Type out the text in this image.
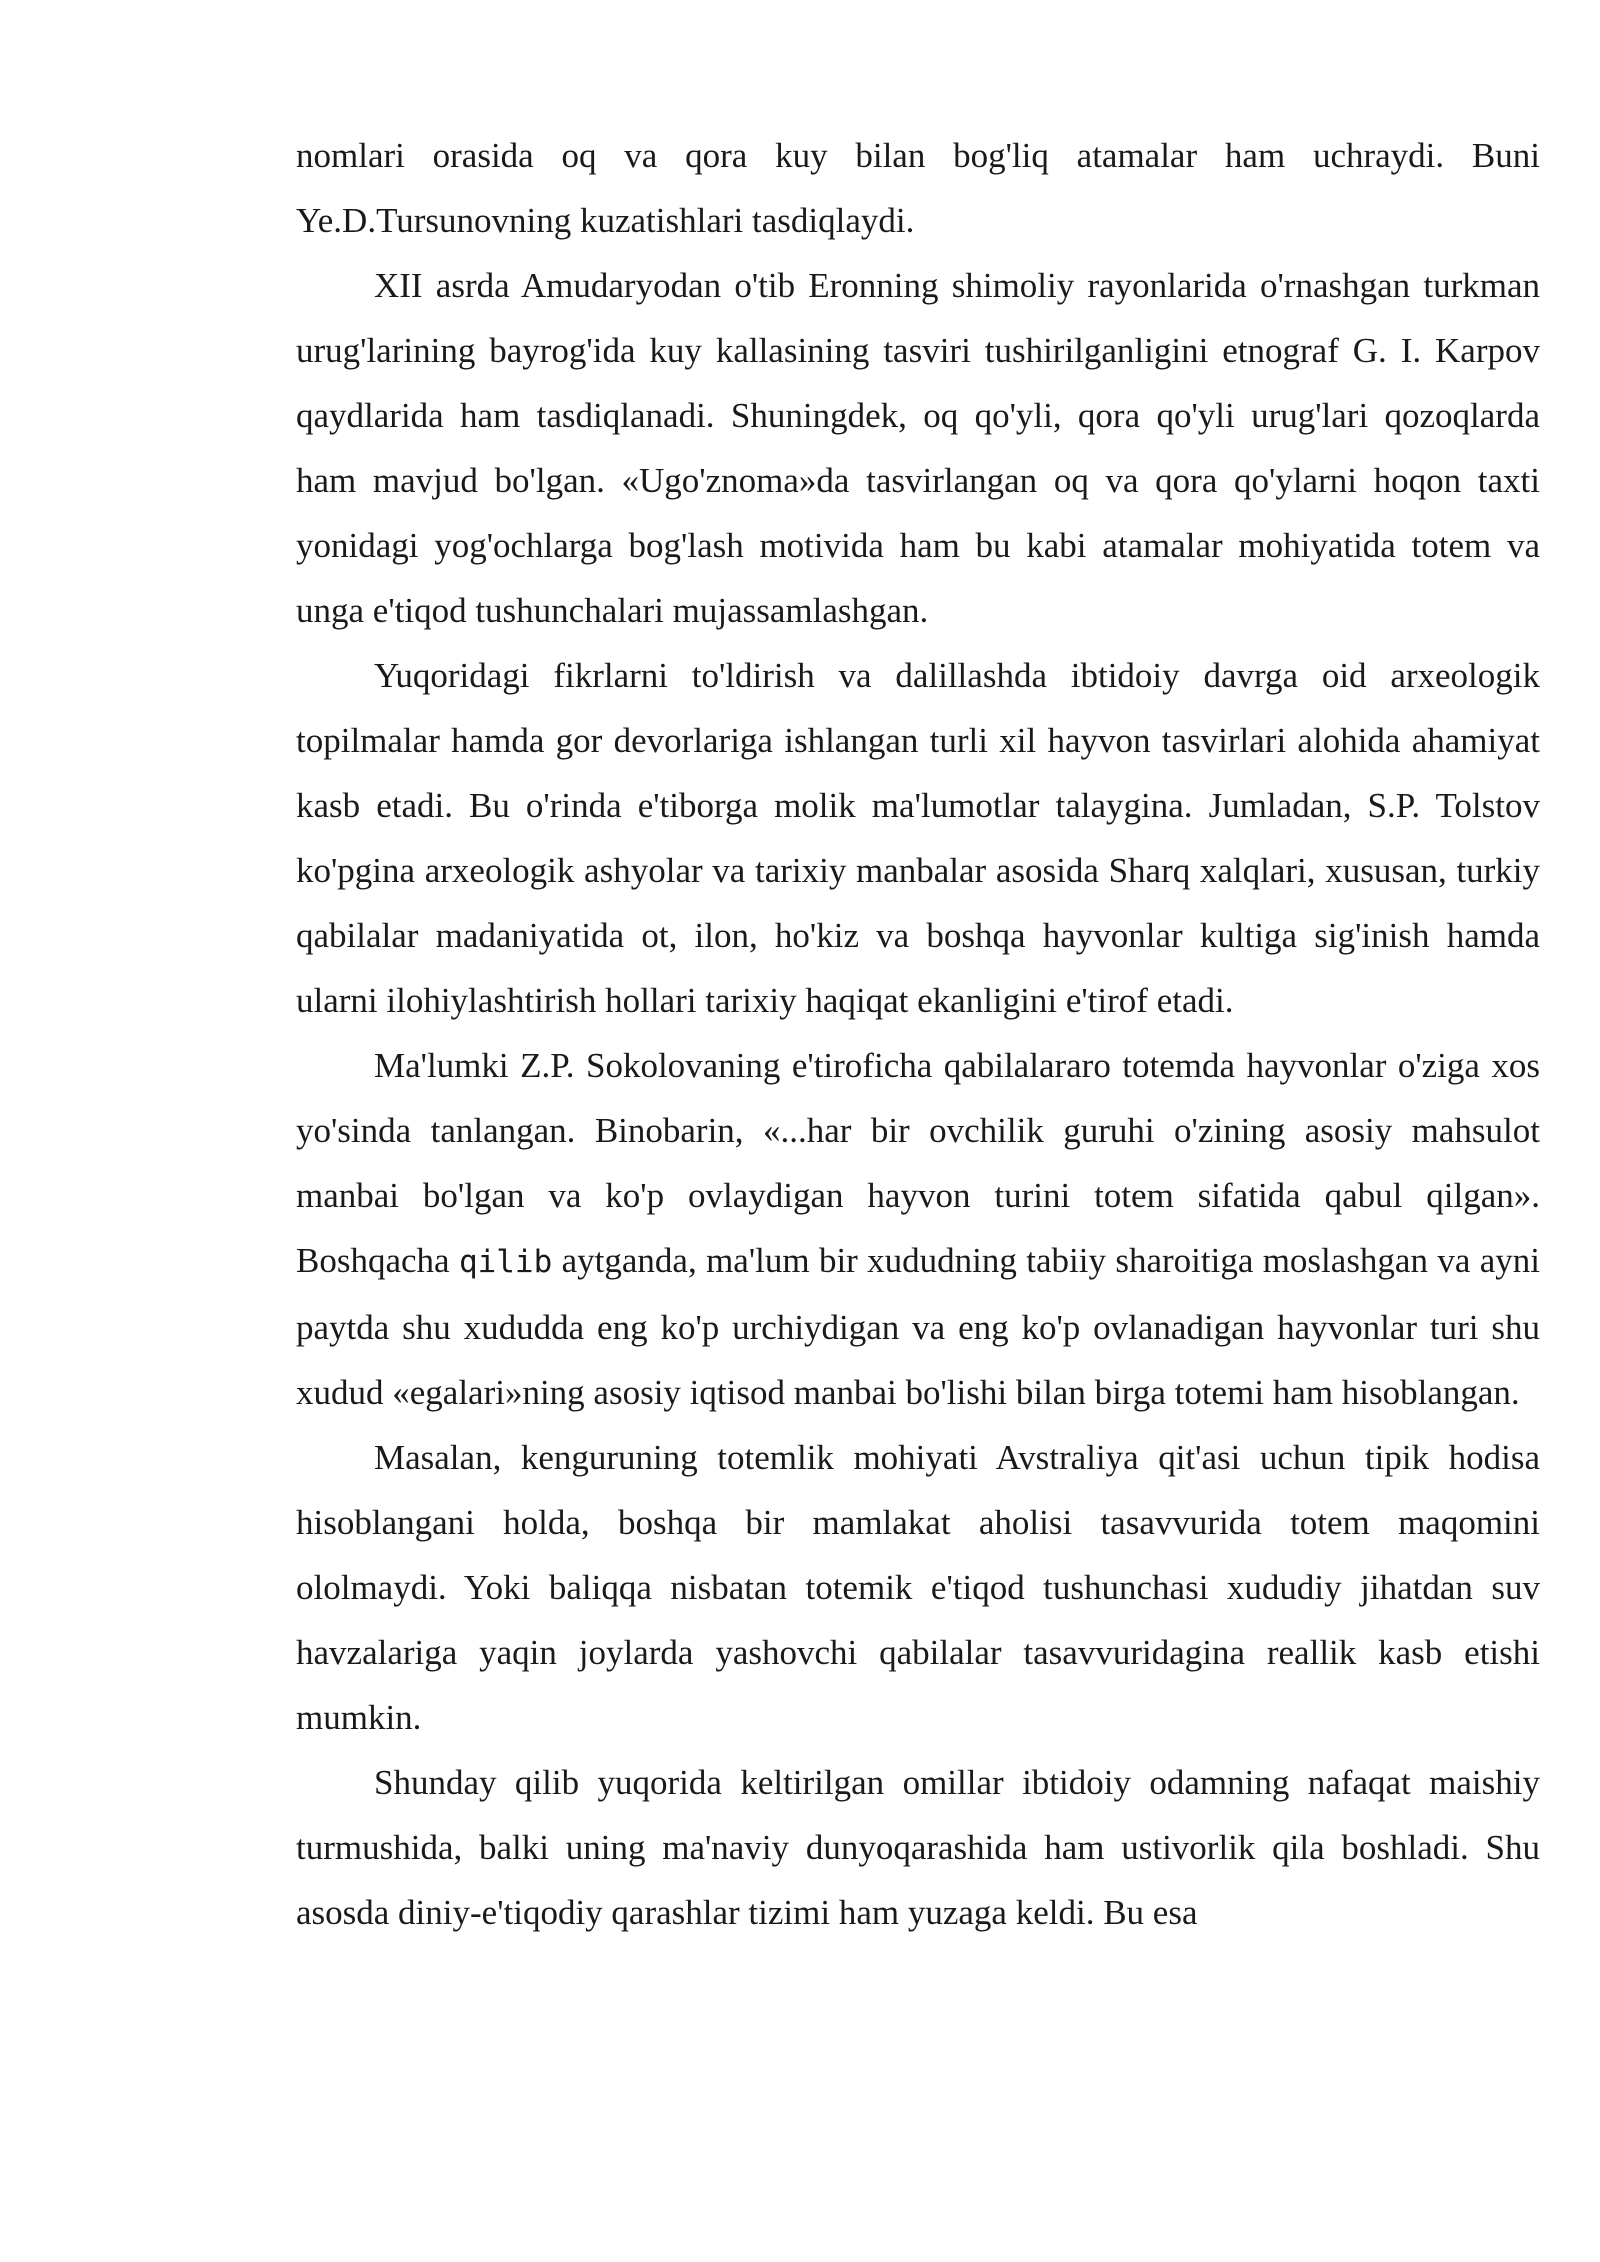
nomlari orasida oq va qora kuy bilan bog'liq atamalar ham uchraydi. Buni Ye.D.Tursunovning kuzatishlari tasdiqlaydi.

XII asrda Amudaryodan o'tib Eronning shimoliy rayonlarida o'rnashgan turkman urug'larining bayrog'ida kuy kallasining tasviri tushirilganligini etnograf G. I. Karpov qaydlarida ham tasdiqlanadi. Shuningdek, oq qo'yli, qora qo'yli urug'lari qozoqlarda ham mavjud bo'lgan. «Ugo'znoma»da tasvirlangan oq va qora qo'ylarni hoqon taxti yonidagi yog'ochlarga bog'lash motivida ham bu kabi atamalar mohiyatida totem va unga e'tiqod tushunchalari mujassamlashgan.

Yuqoridagi fikrlarni to'ldirish va dalillashda ibtidoiy davrga oid arxeologik topilmalar hamda gor devorlariga ishlangan turli xil hayvon tasvirlari alohida ahamiyat kasb etadi. Bu o'rinda e'tiborga molik ma'lumotlar talaygina. Jumladan, S.P. Tolstov ko'pgina arxeologik ashyolar va tarixiy manbalar asosida Sharq xalqlari, xususan, turkiy qabilalar madaniyatida ot, ilon, ho'kiz va boshqa hayvonlar kultiga sig'inish hamda ularni ilohiylashtirish hollari tarixiy haqiqat ekanligini e'tirof etadi.

Ma'lumki Z.P. Sokolovaning e'tiroficha qabilalararo totemda hayvonlar o'ziga xos yo'sinda tanlangan. Binobarin, «...har bir ovchilik guruhi o'zining asosiy mahsulot manbai bo'lgan va ko'p ovlaydigan hayvon turini totem sifatida qabul qilgan». Boshqacha qilib aytganda, ma'lum bir xududning tabiiy sharoitiga moslashgan va ayni paytda shu xududda eng ko'p urchiydigan va eng ko'p ovlanadigan hayvonlar turi shu xudud «egalari»ning asosiy iqtisod manbai bo'lishi bilan birga totemi ham hisoblangan.

Masalan, kenguruning totemlik mohiyati Avstraliya qit'asi uchun tipik hodisa hisoblangani holda, boshqa bir mamlakat aholisi tasavvurida totem maqomini ololmaydi. Yoki baliqqa nisbatan totemik e'tiqod tushunchasi xududiy jihatdan suv havzalariga yaqin joylarda yashovchi qabilalar tasavvuridagina reallik kasb etishi mumkin.

Shunday qilib yuqorida keltirilgan omillar ibtidoiy odamning nafaqat maishiy turmushida, balki uning ma'naviy dunyoqarashida ham ustivorlik qila boshladi. Shu asosda diniy-e'tiqodiy qarashlar tizimi ham yuzaga keldi. Bu esa
